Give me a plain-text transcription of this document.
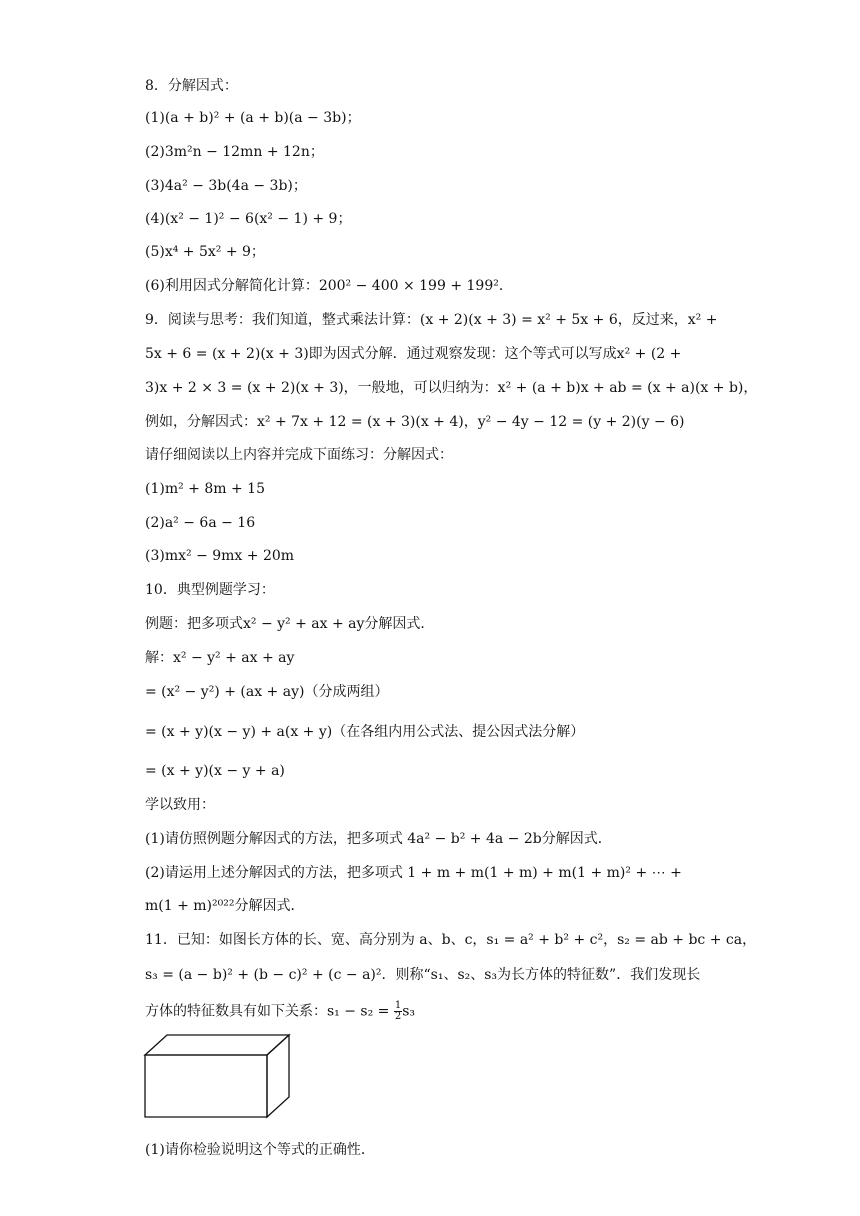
8．分解因式：
(1)(a + b)² + (a + b)(a − 3b)；
(2)3m²n − 12mn + 12n；
(3)4a² − 3b(4a − 3b)；
(4)(x² − 1)² − 6(x² − 1) + 9；
(5)x⁴ + 5x² + 9；
(6)利用因式分解简化计算：200² − 400 × 199 + 199²．
9．阅读与思考：我们知道，整式乘法计算：(x + 2)(x + 3) = x² + 5x + 6，反过来，x² +
5x + 6 = (x + 2)(x + 3)即为因式分解．通过观察发现：这个等式可以写成x² + (2 +
3)x + 2 × 3 = (x + 2)(x + 3)，一般地，可以归纳为：x² + (a + b)x + ab = (x + a)(x + b)，
例如，分解因式：x² + 7x + 12 = (x + 3)(x + 4)，y² − 4y − 12 = (y + 2)(y − 6)
请仔细阅读以上内容并完成下面练习：分解因式：
(1)m² + 8m + 15
(2)a² − 6a − 16
(3)mx² − 9mx + 20m
10．典型例题学习：
例题：把多项式x² − y² + ax + ay分解因式．
解：x² − y² + ax + ay
= (x² − y²) + (ax + ay)（分成两组）
= (x + y)(x − y) + a(x + y)（在各组内用公式法、提公因式法分解）
= (x + y)(x − y + a)
学以致用：
(1)请仿照例题分解因式的方法，把多项式 4a² − b² + 4a − 2b分解因式．
(2)请运用上述分解因式的方法，把多项式 1 + m + m(1 + m) + m(1 + m)² + ⋯ +
m(1 + m)²⁰²²分解因式．
11．已知：如图长方体的长、宽、高分别为 a、b、c，s₁ = a² + b² + c²，s₂ = ab + bc + ca，
s₃ = (a − b)² + (b − c)² + (c − a)²．则称“s₁、s₂、s₃为长方体的特征数”．我们发现长
方体的特征数具有如下关系：$s_1 - s_2 = \frac{1}{2} s_3$
(1)请你检验说明这个等式的正确性．
